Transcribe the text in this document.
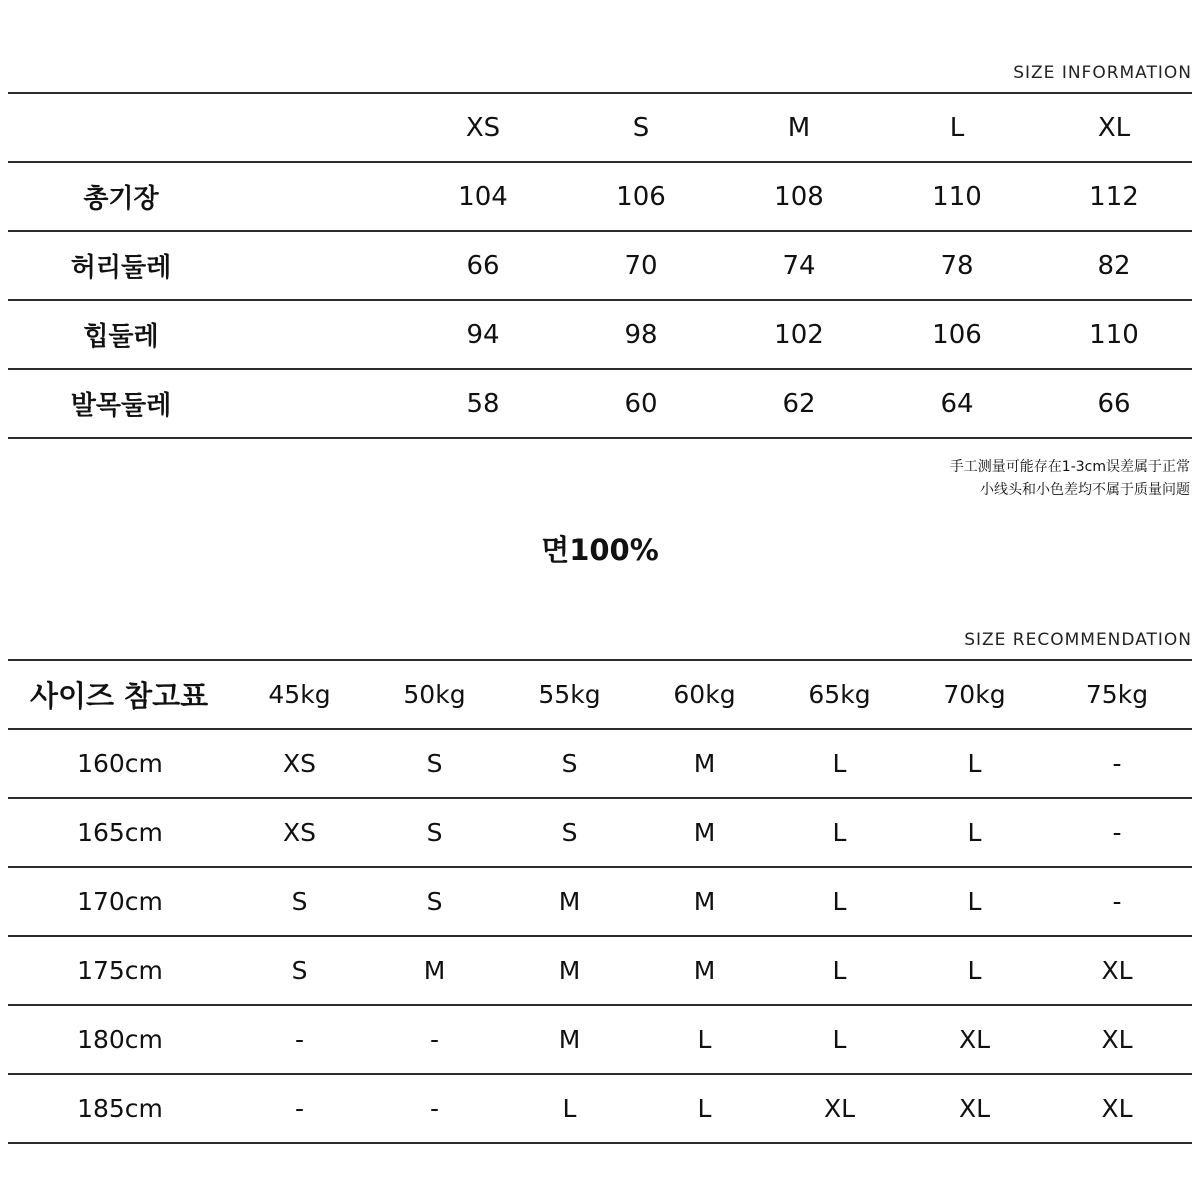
SIZE INFORMATION
			XS	S	M	L	XL
총기장			104	106	108	110	112
허리둘레			66	70	74	78	82
힙둘레			94	98	102	106	110
발목둘레			58	60	62	64	66
手工测量可能存在1-3cm误差属于正常
小线头和小色差均不属于质量问题
면100%
SIZE RECOMMENDATION
사이즈 참고표	45kg	50kg	55kg	60kg	65kg	70kg	75kg
160cm	XS	S	S	M	L	L	-
165cm	XS	S	S	M	L	L	-
170cm	S	S	M	M	L	L	-
175cm	S	M	M	M	L	L	XL
180cm	-	-	M	L	L	XL	XL
185cm	-	-	L	L	XL	XL	XL
